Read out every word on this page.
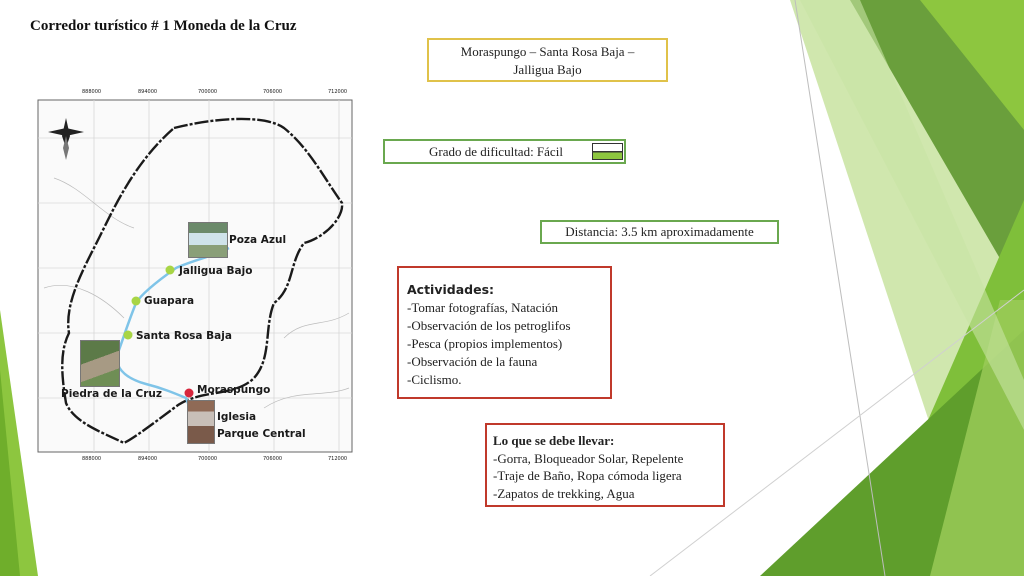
Corredor turístico # 1 Moneda de la Cruz
Moraspungo – Santa Rosa Baja –
Jalligua Bajo
Grado de dificultad: Fácil
Distancia: 3.5 km aproximadamente
Actividades:
-Tomar fotografías, Natación
-Observación de los petroglifos
-Pesca (propios implementos)
-Observación de la fauna
-Ciclismo.
Lo que se debe llevar:
-Gorra, Bloqueador Solar, Repelente
-Traje de Baño, Ropa cómoda ligera
-Zapatos de trekking, Agua
Poza Azul
Jalligua Bajo
Guapara
Santa Rosa Baja
Piedra de la Cruz	Moraspungo
Iglesia
Parque Central
888000	894000	700000	706000	712000
888000	894000	700000	706000	712000
